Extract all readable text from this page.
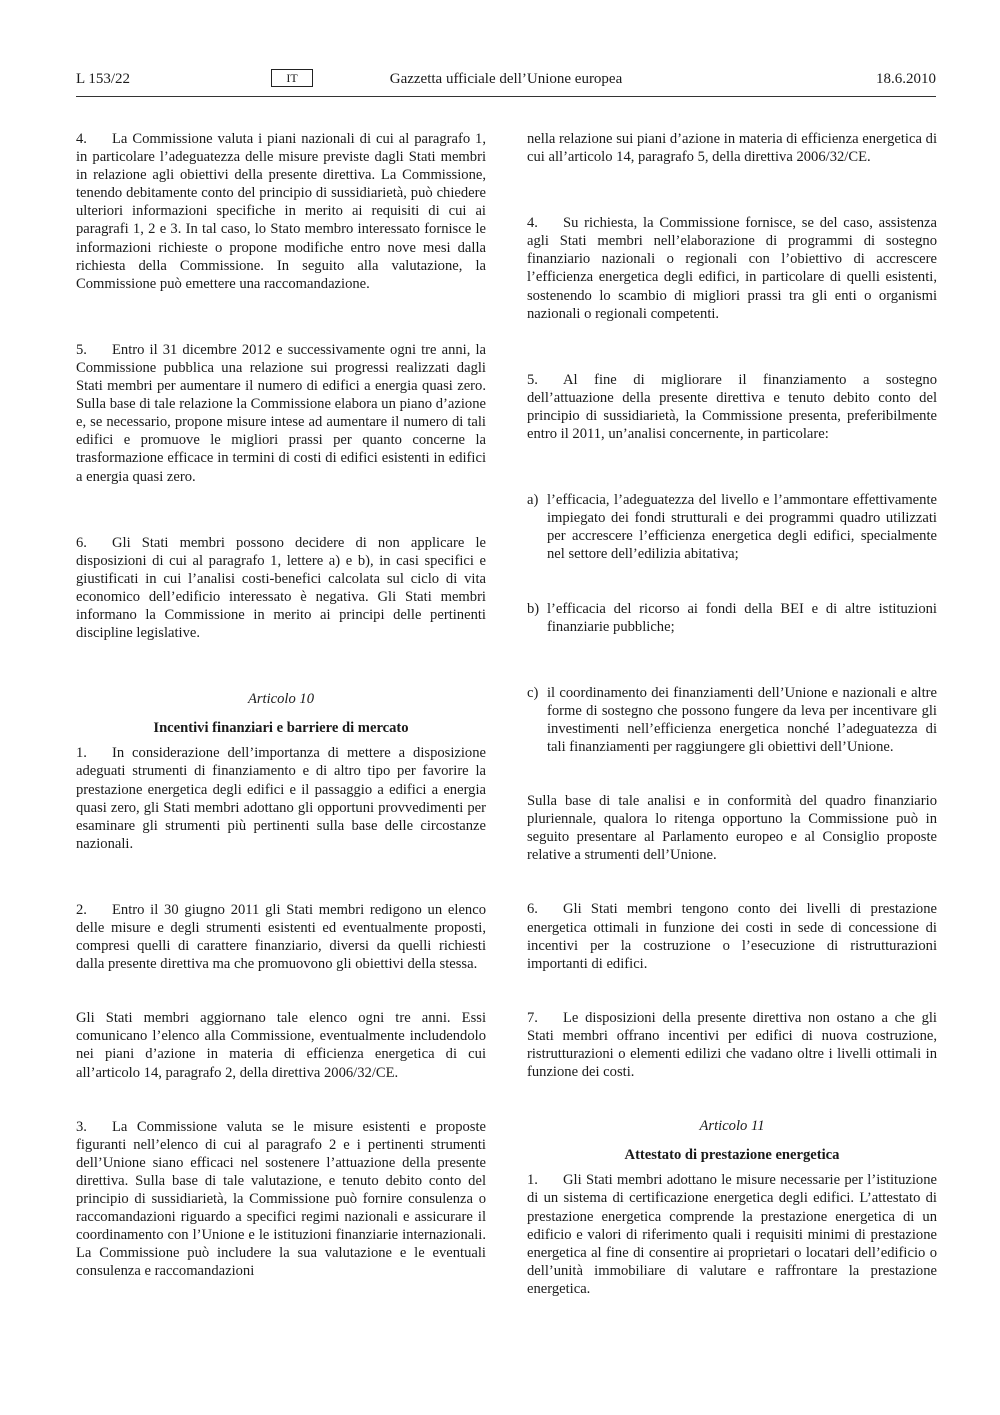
L 153/22	IT	Gazzetta ufficiale dell’Unione europea	18.6.2010

4. La Commissione valuta i piani nazionali di cui al paragrafo 1, in particolare l’adeguatezza delle misure previste dagli Stati membri in relazione agli obiettivi della presente direttiva. La Commissione, tenendo debitamente conto del principio di sussidiarietà, può chiedere ulteriori informazioni specifiche in merito ai requisiti di cui ai paragrafi 1, 2 e 3. In tal caso, lo Stato membro interessato fornisce le informazioni richieste o propone modifiche entro nove mesi dalla richiesta della Commissione. In seguito alla valutazione, la Commissione può emettere una raccomandazione.

5. Entro il 31 dicembre 2012 e successivamente ogni tre anni, la Commissione pubblica una relazione sui progressi realizzati dagli Stati membri per aumentare il numero di edifici a energia quasi zero. Sulla base di tale relazione la Commissione elabora un piano d’azione e, se necessario, propone misure intese ad aumentare il numero di tali edifici e promuove le migliori prassi per quanto concerne la trasformazione efficace in termini di costi di edifici esistenti in edifici a energia quasi zero.

6. Gli Stati membri possono decidere di non applicare le disposizioni di cui al paragrafo 1, lettere a) e b), in casi specifici e giustificati in cui l’analisi costi-benefici calcolata sul ciclo di vita economico dell’edificio interessato è negativa. Gli Stati membri informano la Commissione in merito ai principi delle pertinenti discipline legislative.

Articolo 10

Incentivi finanziari e barriere di mercato

1. In considerazione dell’importanza di mettere a disposizione adeguati strumenti di finanziamento e di altro tipo per favorire la prestazione energetica degli edifici e il passaggio a edifici a energia quasi zero, gli Stati membri adottano gli opportuni provvedimenti per esaminare gli strumenti più pertinenti sulla base delle circostanze nazionali.

2. Entro il 30 giugno 2011 gli Stati membri redigono un elenco delle misure e degli strumenti esistenti ed eventualmente proposti, compresi quelli di carattere finanziario, diversi da quelli richiesti dalla presente direttiva ma che promuovono gli obiettivi della stessa.

Gli Stati membri aggiornano tale elenco ogni tre anni. Essi comunicano l’elenco alla Commissione, eventualmente includendolo nei piani d’azione in materia di efficienza energetica di cui all’articolo 14, paragrafo 2, della direttiva 2006/32/CE.

3. La Commissione valuta se le misure esistenti e proposte figuranti nell’elenco di cui al paragrafo 2 e i pertinenti strumenti dell’Unione siano efficaci nel sostenere l’attuazione della presente direttiva. Sulla base di tale valutazione, e tenuto debito conto del principio di sussidiarietà, la Commissione può fornire consulenza o raccomandazioni riguardo a specifici regimi nazionali e assicurare il coordinamento con l’Unione e le istituzioni finanziarie internazionali. La Commissione può includere la sua valutazione e le eventuali consulenza e raccomandazioni

nella relazione sui piani d’azione in materia di efficienza energetica di cui all’articolo 14, paragrafo 5, della direttiva 2006/32/CE.

4. Su richiesta, la Commissione fornisce, se del caso, assistenza agli Stati membri nell’elaborazione di programmi di sostegno finanziario nazionali o regionali con l’obiettivo di accrescere l’efficienza energetica degli edifici, in particolare di quelli esistenti, sostenendo lo scambio di migliori prassi tra gli enti o organismi nazionali o regionali competenti.

5. Al fine di migliorare il finanziamento a sostegno dell’attuazione della presente direttiva e tenuto debito conto del principio di sussidiarietà, la Commissione presenta, preferibilmente entro il 2011, un’analisi concernente, in particolare:

a) l’efficacia, l’adeguatezza del livello e l’ammontare effettivamente impiegato dei fondi strutturali e dei programmi quadro utilizzati per accrescere l’efficienza energetica degli edifici, specialmente nel settore dell’edilizia abitativa;
b) l’efficacia del ricorso ai fondi della BEI e di altre istituzioni finanziarie pubbliche;
c) il coordinamento dei finanziamenti dell’Unione e nazionali e altre forme di sostegno che possono fungere da leva per incentivare gli investimenti nell’efficienza energetica nonché l’adeguatezza di tali finanziamenti per raggiungere gli obiettivi dell’Unione.

Sulla base di tale analisi e in conformità del quadro finanziario pluriennale, qualora lo ritenga opportuno la Commissione può in seguito presentare al Parlamento europeo e al Consiglio proposte relative a strumenti dell’Unione.

6. Gli Stati membri tengono conto dei livelli di prestazione energetica ottimali in funzione dei costi in sede di concessione di incentivi per la costruzione o l’esecuzione di ristrutturazioni importanti di edifici.

7. Le disposizioni della presente direttiva non ostano a che gli Stati membri offrano incentivi per edifici di nuova costruzione, ristrutturazioni o elementi edilizi che vadano oltre i livelli ottimali in funzione dei costi.

Articolo 11

Attestato di prestazione energetica

1. Gli Stati membri adottano le misure necessarie per l’istituzione di un sistema di certificazione energetica degli edifici. L’attestato di prestazione energetica comprende la prestazione energetica di un edificio e valori di riferimento quali i requisiti minimi di prestazione energetica al fine di consentire ai proprietari o locatari dell’edificio o dell’unità immobiliare di valutare e raffrontare la prestazione energetica.
